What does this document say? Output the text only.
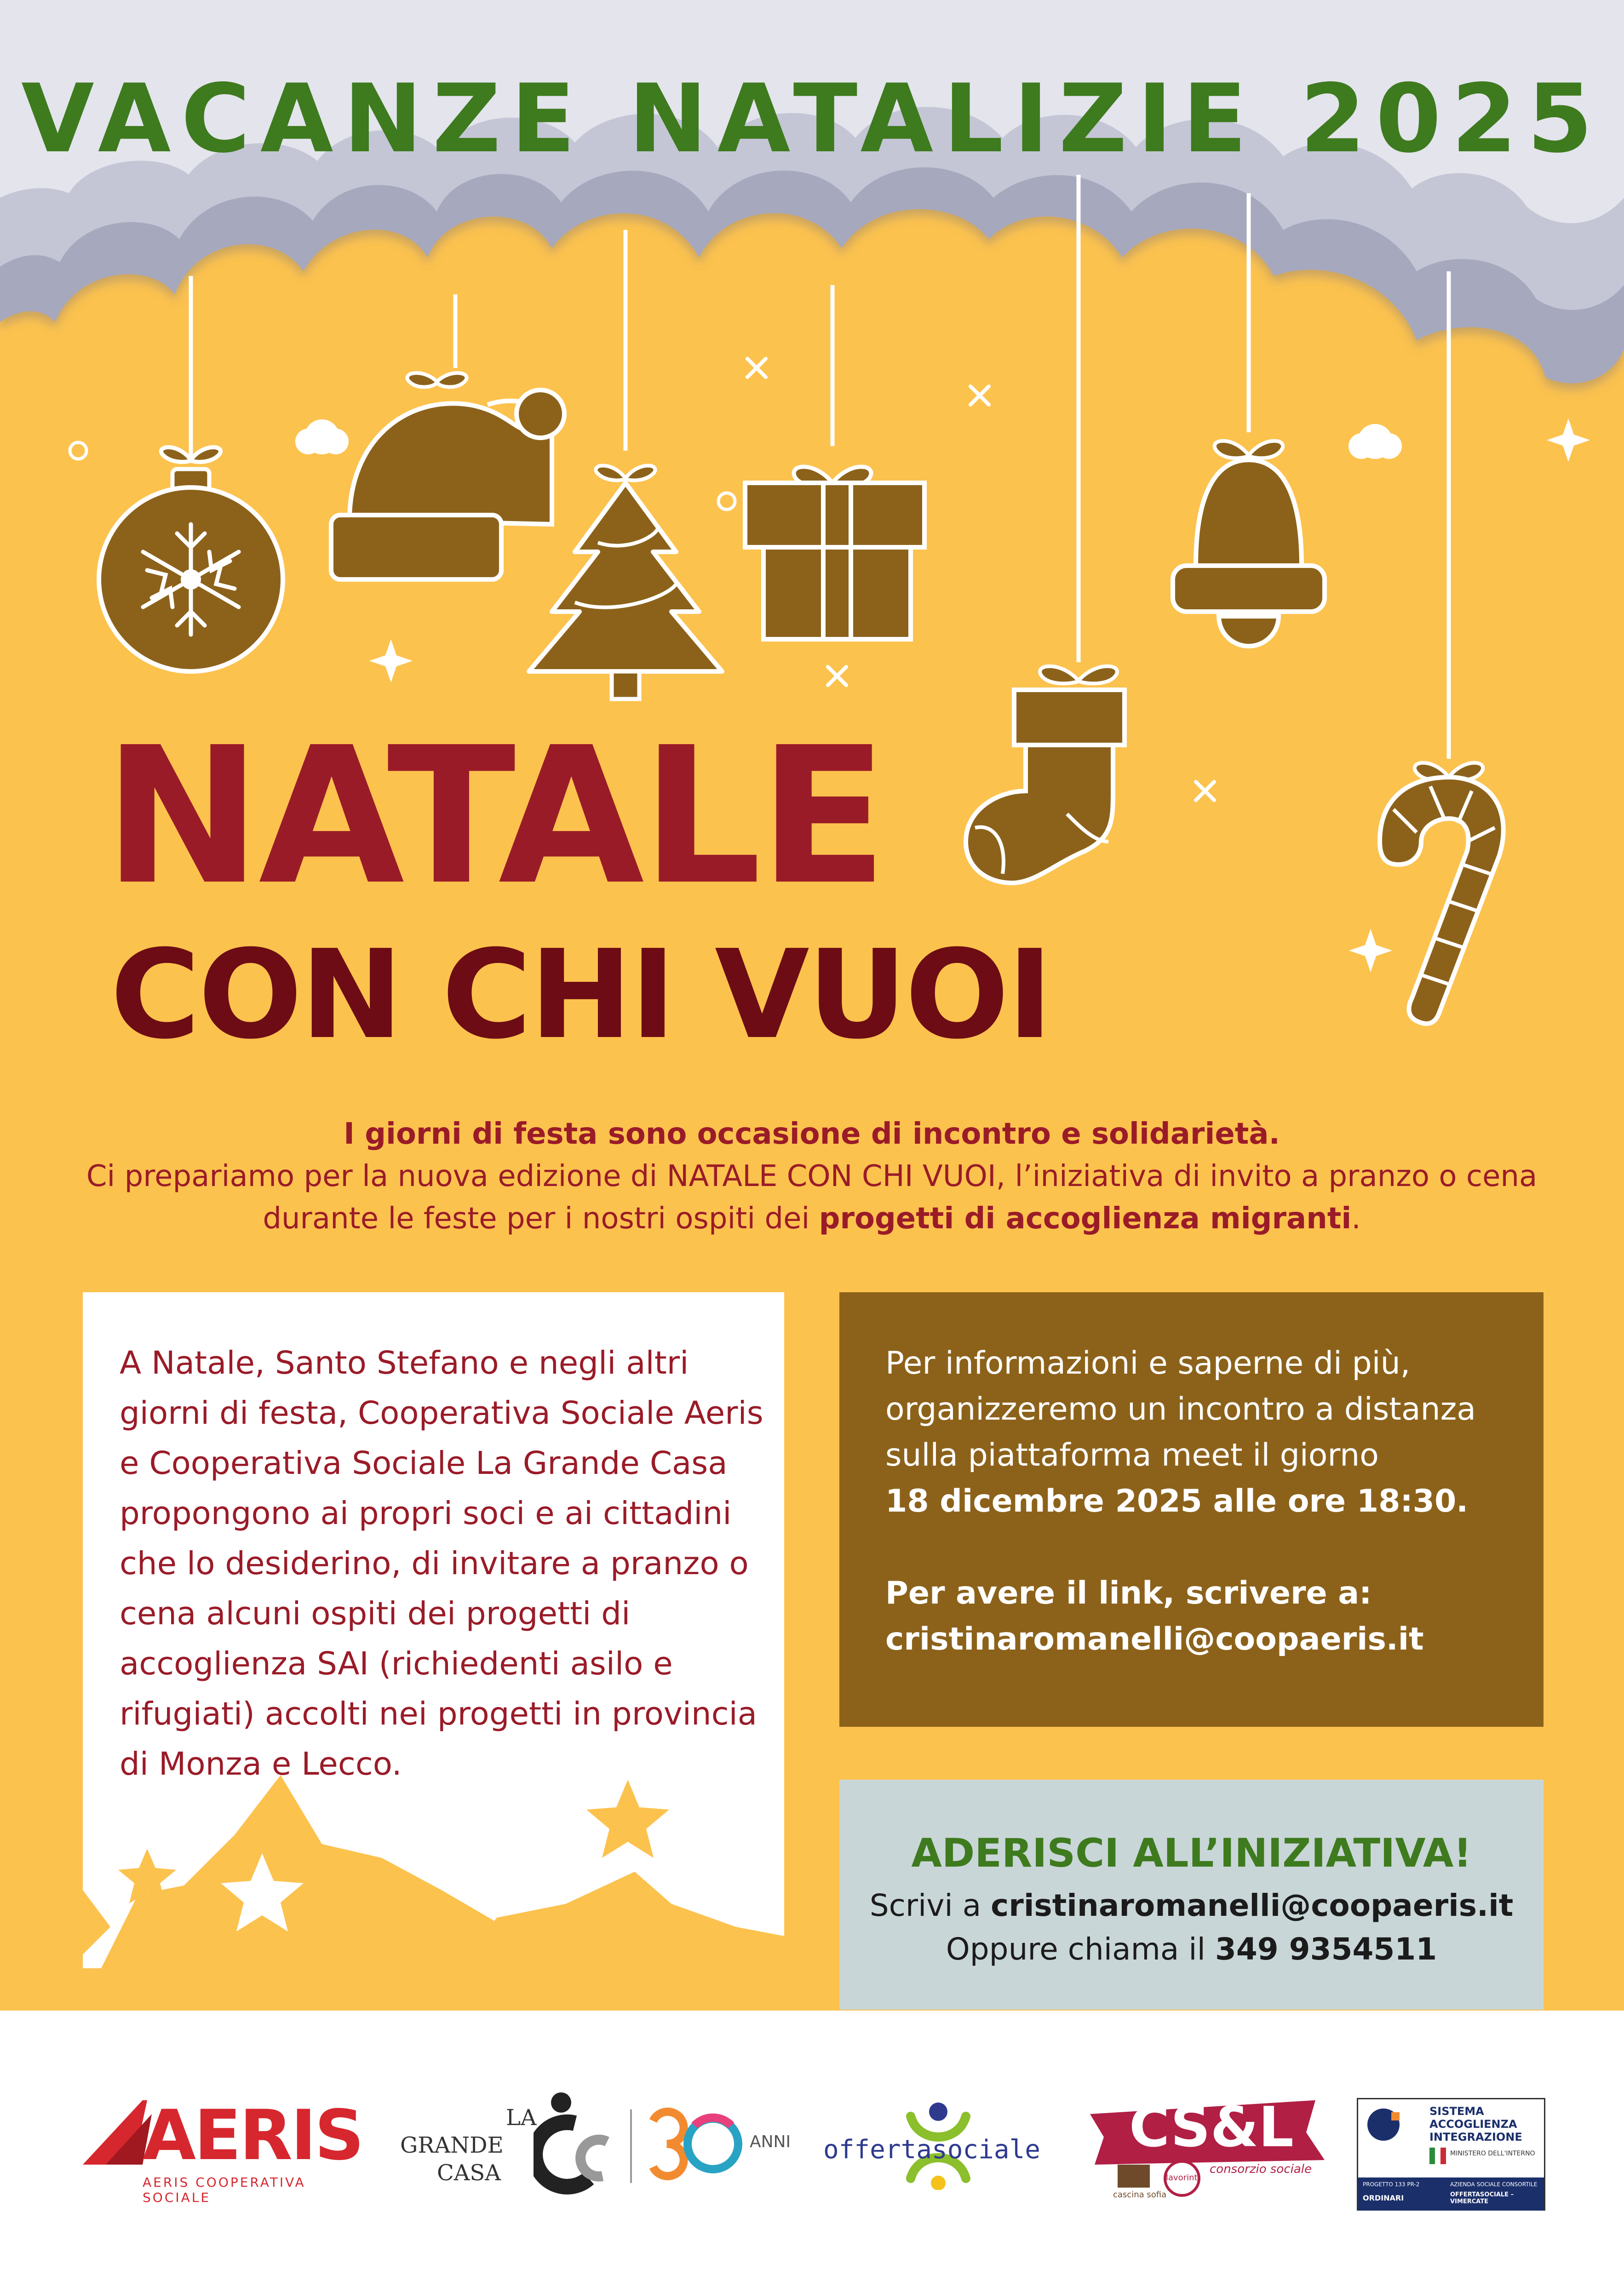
VACANZE NATALIZIE 2025
NATALE
CON CHI VUOI
I giorni di festa sono occasione di incontro e solidarietà.
Ci prepariamo per la nuova edizione di NATALE CON CHI VUOI, l’iniziativa di invito a pranzo o cena durante le feste per i nostri ospiti dei progetti di accoglienza migranti.
A Natale, Santo Stefano e negli altri giorni di festa, Cooperativa Sociale Aeris e Cooperativa Sociale La Grande Casa propongono ai propri soci e ai cittadini che lo desiderino, di invitare a pranzo o cena alcuni ospiti dei progetti di accoglienza SAI (richiedenti asilo e rifugiati) accolti nei progetti in provincia di Monza e Lecco.

Per informazioni e saperne di più, organizzeremo un incontro a distanza sulla piattaforma meet il giorno

18 dicembre 2025 alle ore 18:30.

Per avere il link, scrivere a:

cristinaromanelli@coopaeris.it

ADERISCI ALL’INIZIATIVA!
Scrivi a cristinaromanelli@coopaeris.it
Oppure chiama il 349 9354511
AERIS
AERIS COOPERATIVA SOCIALE
LA
GRANDE
CASA
ANNI offertasociale CS&L
consorzio sociale
cascina sofia
lavorint
SISTEMA
ACCOGLIENZA
INTEGRAZIONE
MINISTERO DELL'INTERNO
PROGETTO 133 PR-2
ORDINARI
AZIENDA SOCIALE CONSORTILE
OFFERTASOCIALE – VIMERCATE
